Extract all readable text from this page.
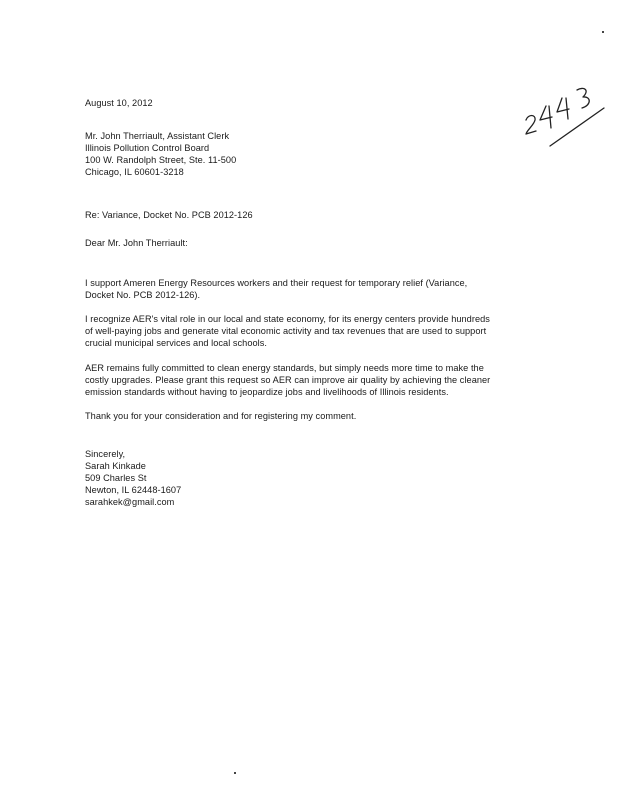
August 10, 2012
Mr. John Therriault, Assistant Clerk
Illinois Pollution Control Board
100 W. Randolph Street, Ste. 11-500
Chicago, IL 60601-3218
Re: Variance, Docket No. PCB 2012-126
Dear Mr. John Therriault:

I support Ameren Energy Resources workers and their request for temporary relief (Variance, Docket No. PCB 2012-126).

I recognize AER's vital role in our local and state economy, for its energy centers provide hundreds of well-paying jobs and generate vital economic activity and tax revenues that are used to support crucial municipal services and local schools.

AER remains fully committed to clean energy standards, but simply needs more time to make the costly upgrades. Please grant this request so AER can improve air quality by achieving the cleaner emission standards without having to jeopardize jobs and livelihoods of Illinois residents.

Thank you for your consideration and for registering my comment.

Sincerely,
Sarah Kinkade
509 Charles St
Newton, IL 62448-1607
sarahkek@gmail.com
